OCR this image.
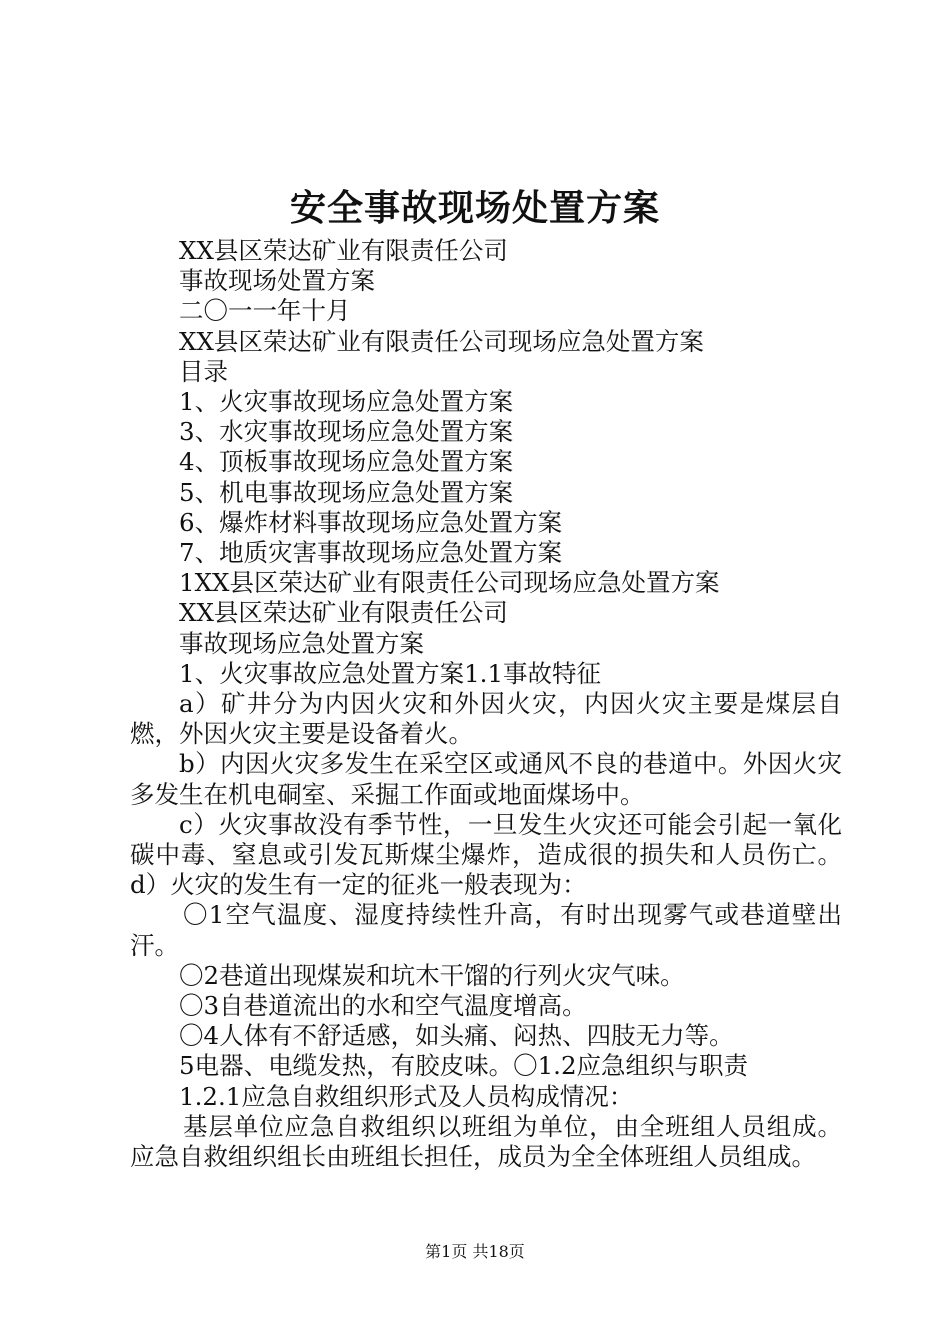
安全事故现场处置方案

XX县区荣达矿业有限责任公司

事故现场处置方案

二〇一一年十月

XX县区荣达矿业有限责任公司现场应急处置方案

目录

1、火灾事故现场应急处置方案

3、水灾事故现场应急处置方案

4、顶板事故现场应急处置方案

5、机电事故现场应急处置方案

6、爆炸材料事故现场应急处置方案

7、地质灾害事故现场应急处置方案

1XX县区荣达矿业有限责任公司现场应急处置方案

XX县区荣达矿业有限责任公司

事故现场应急处置方案

1、火灾事故应急处置方案1.1事故特征

a）矿井分为内因火灾和外因火灾，内因火灾主要是煤层自燃，外因火灾主要是设备着火。

b）内因火灾多发生在采空区或通风不良的巷道中。外因火灾多发生在机电硐室、采掘工作面或地面煤场中。

c）火灾事故没有季节性，一旦发生火灾还可能会引起一氧化碳中毒、窒息或引发瓦斯煤尘爆炸，造成很的损失和人员伤亡。d）火灾的发生有一定的征兆一般表现为：

〇1空气温度、湿度持续性升高，有时出现雾气或巷道壁出汗。

〇2巷道出现煤炭和坑木干馏的行列火灾气味。

〇3自巷道流出的水和空气温度增高。

〇4人体有不舒适感，如头痛、闷热、四肢无力等。

5电器、电缆发热，有胶皮味。〇1.2应急组织与职责

1.2.1应急自救组织形式及人员构成情况：

基层单位应急自救组织以班组为单位，由全班组人员组成。应急自救组织组长由班组长担任，成员为全全体班组人员组成。

第1页 共18页
